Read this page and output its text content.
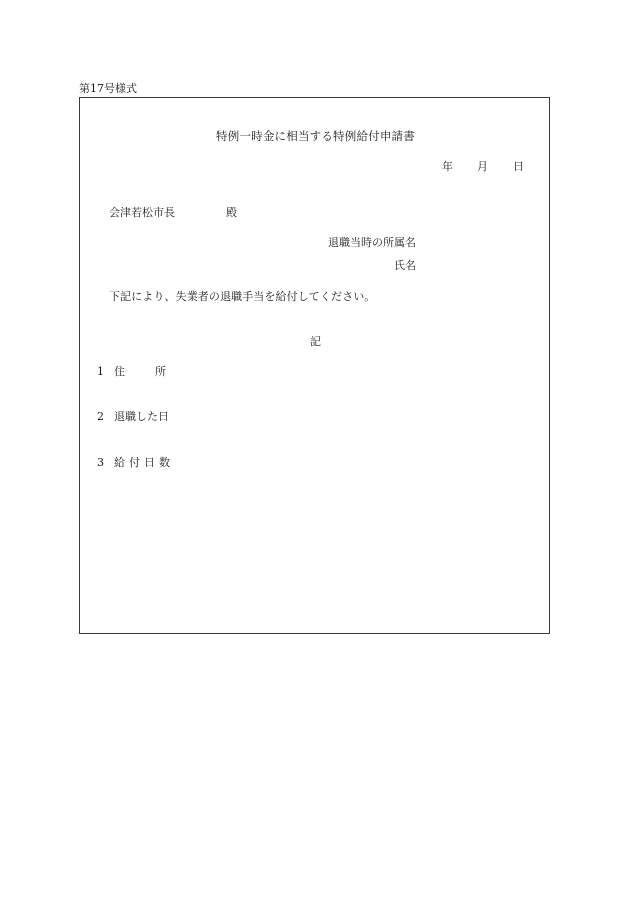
第17号様式
特例一時金に相当する特例給付申請書
年 月 日
会津若松市長	殿
退職当時の所属名
氏名
下記により、失業者の退職手当を給付してください。
記
1 住所
2 退職した日
3 給付日数
